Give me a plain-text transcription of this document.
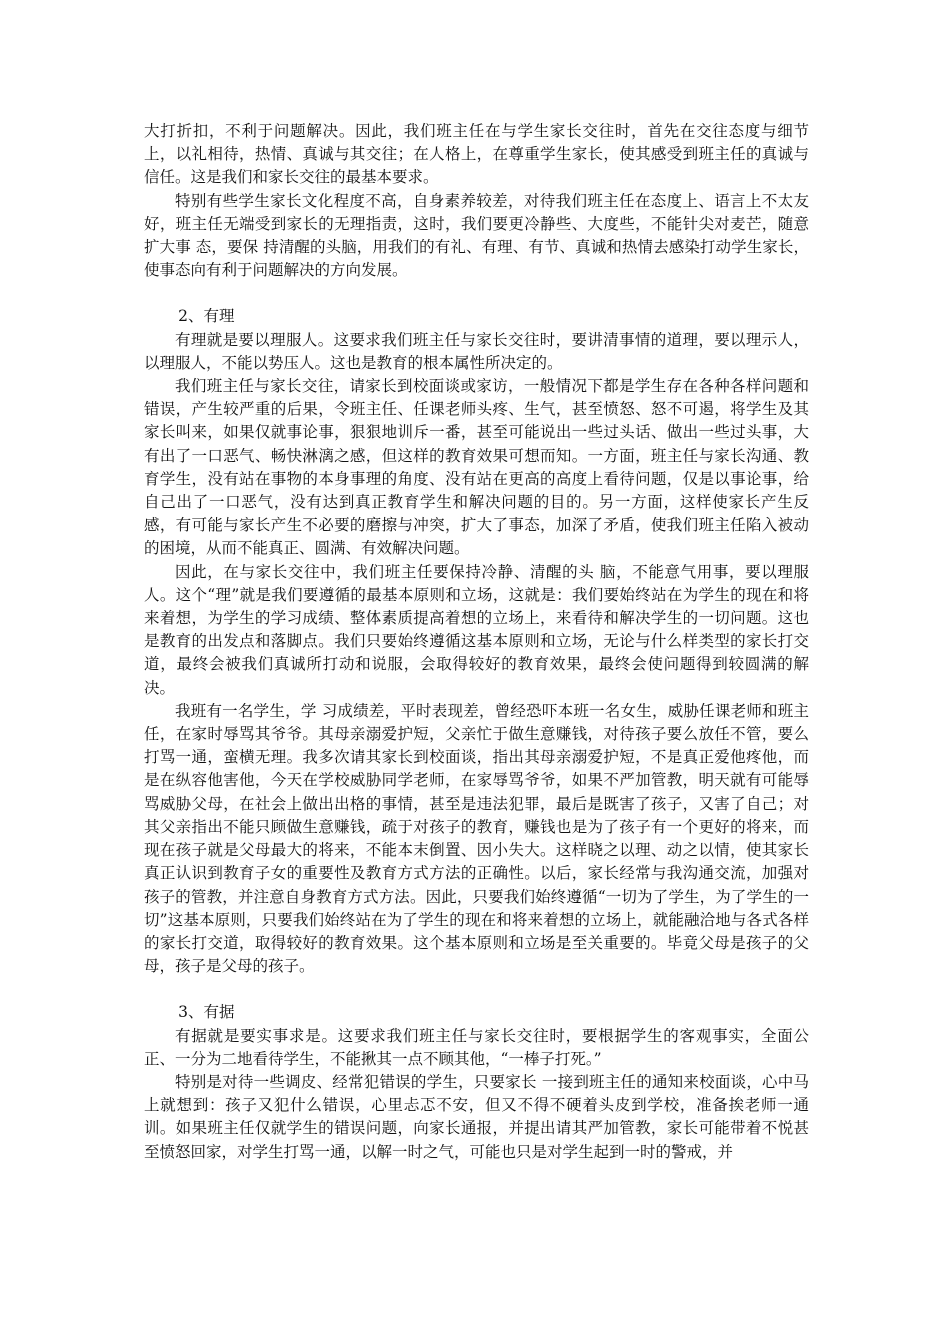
大打折扣，不利于问题解决。因此，我们班主任在与学生家长交往时，首先在交往态度与细节上，以礼相待，热情、真诚与其交往；在人格上，在尊重学生家长，使其感受到班主任的真诚与信任。这是我们和家长交往的最基本要求。

特别有些学生家长文化程度不高，自身素养较差，对待我们班主任在态度上、语言上不太友好，班主任无端受到家长的无理指责，这时，我们要更冷静些、大度些，不能针尖对麦芒，随意扩大事 态，要保 持清醒的头脑，用我们的有礼、有理、有节、真诚和热情去感染打动学生家长，使事态向有利于问题解决的方向发展。

2、有理

有理就是要以理服人。这要求我们班主任与家长交往时，要讲清事情的道理，要以理示人，以理服人，不能以势压人。这也是教育的根本属性所决定的。

我们班主任与家长交往，请家长到校面谈或家访，一般情况下都是学生存在各种各样问题和错误，产生较严重的后果，令班主任、任课老师头疼、生气，甚至愤怒、怒不可遏，将学生及其家长叫来，如果仅就事论事，狠狠地训斥一番，甚至可能说出一些过头话、做出一些过头事，大有出了一口恶气、畅快淋漓之感，但这样的教育效果可想而知。一方面，班主任与家长沟通、教育学生，没有站在事物的本身事理的角度、没有站在更高的高度上看待问题，仅是以事论事，给自己出了一口恶气，没有达到真正教育学生和解决问题的目的。另一方面，这样使家长产生反感，有可能与家长产生不必要的磨擦与冲突，扩大了事态，加深了矛盾，使我们班主任陷入被动的困境，从而不能真正、圆满、有效解决问题。

因此，在与家长交往中，我们班主任要保持冷静、清醒的头 脑，不能意气用事，要以理服人。这个“理”就是我们要遵循的最基本原则和立场，这就是：我们要始终站在为学生的现在和将来着想，为学生的学习成绩、整体素质提高着想的立场上，来看待和解决学生的一切问题。这也是教育的出发点和落脚点。我们只要始终遵循这基本原则和立场，无论与什么样类型的家长打交道，最终会被我们真诚所打动和说服，会取得较好的教育效果，最终会使问题得到较圆满的解决。

我班有一名学生，学 习成绩差，平时表现差，曾经恐吓本班一名女生，威胁任课老师和班主任，在家时辱骂其爷爷。其母亲溺爱护短，父亲忙于做生意赚钱，对待孩子要么放任不管，要么打骂一通，蛮横无理。我多次请其家长到校面谈，指出其母亲溺爱护短，不是真正爱他疼他，而是在纵容他害他，今天在学校威胁同学老师，在家辱骂爷爷，如果不严加管教，明天就有可能辱骂威胁父母，在社会上做出出格的事情，甚至是违法犯罪，最后是既害了孩子，又害了自己；对其父亲指出不能只顾做生意赚钱，疏于对孩子的教育，赚钱也是为了孩子有一个更好的将来，而现在孩子就是父母最大的将来，不能本末倒置、因小失大。这样晓之以理、动之以情，使其家长真正认识到教育子女的重要性及教育方式方法的正确性。以后，家长经常与我沟通交流，加强对孩子的管教，并注意自身教育方式方法。因此，只要我们始终遵循“一切为了学生，为了学生的一切”这基本原则，只要我们始终站在为了学生的现在和将来着想的立场上，就能融洽地与各式各样的家长打交道，取得较好的教育效果。这个基本原则和立场是至关重要的。毕竟父母是孩子的父母，孩子是父母的孩子。

3、有据

有据就是要实事求是。这要求我们班主任与家长交往时，要根据学生的客观事实，全面公正、一分为二地看待学生，不能揪其一点不顾其他，“一棒子打死。”

特别是对待一些调皮、经常犯错误的学生，只要家长 一接到班主任的通知来校面谈，心中马上就想到：孩子又犯什么错误，心里忐忑不安，但又不得不硬着头皮到学校，准备挨老师一通训。如果班主任仅就学生的错误问题，向家长通报，并提出请其严加管教，家长可能带着不悦甚至愤怒回家，对学生打骂一通，以解一时之气，可能也只是对学生起到一时的警戒，并
